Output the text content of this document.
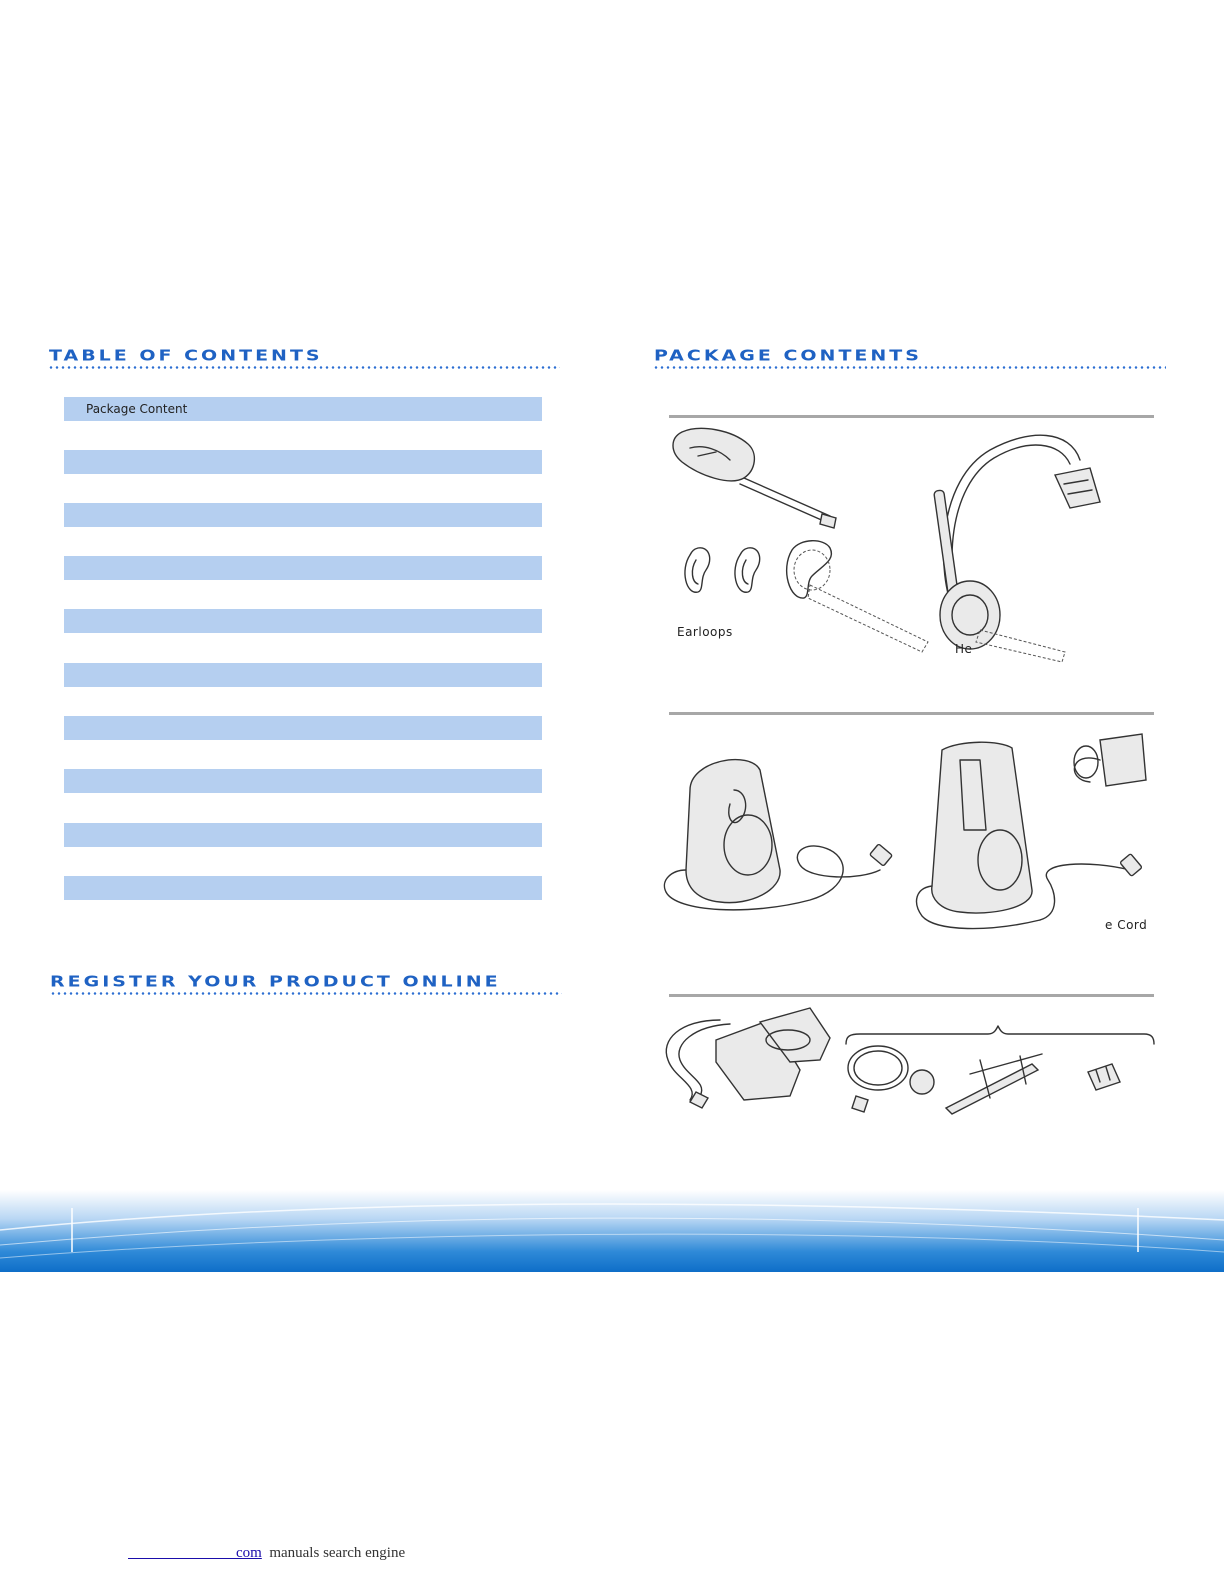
TABLE OF CONTENTS
Package Content
REGISTER YOUR PRODUCT ONLINE
PACKAGE CONTENTS
Earloops
He
e Cord
com manuals search engine
